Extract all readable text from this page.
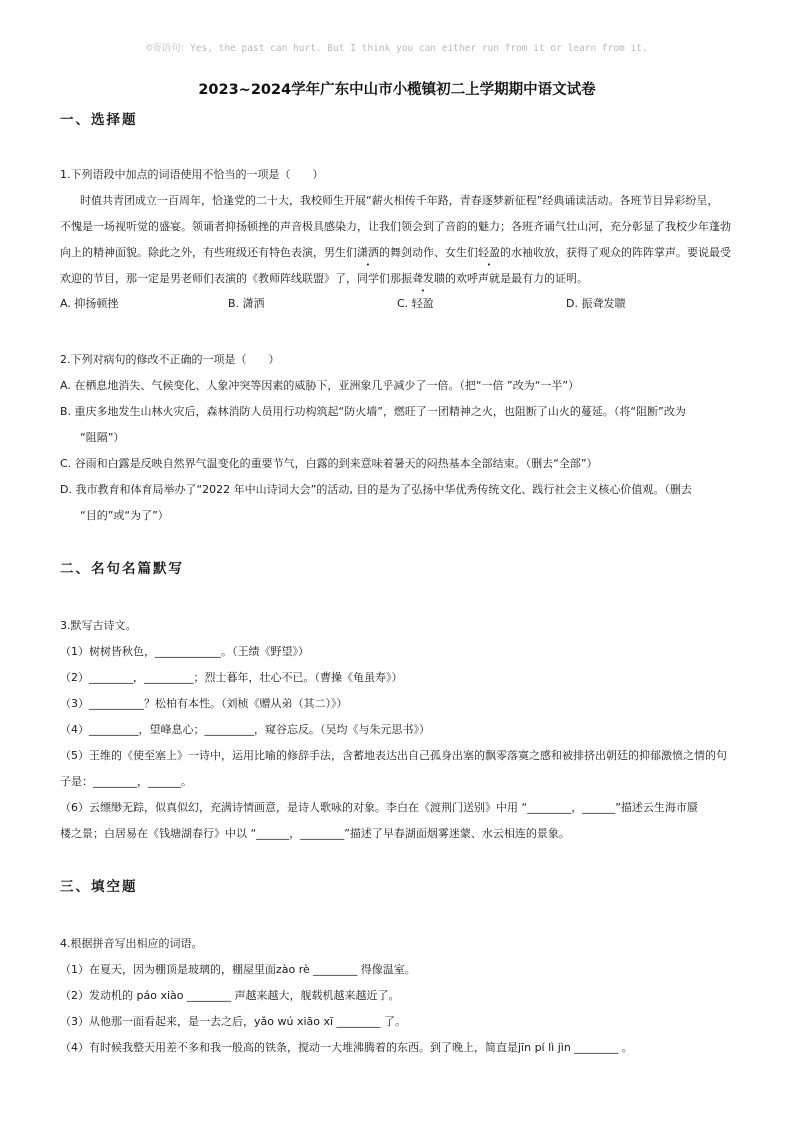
©寄语句：Yes, the past can hurt. But I think you can either run from it or learn from it.
2023~2024学年广东中山市小榄镇初二上学期期中语文试卷
一、选择题
1.下列语段中加点的词语使用不恰当的一项是（　　）
时值共青团成立一百周年，恰逢党的二十大，我校师生开展“薪火相传千年路，青春逐梦新征程”经典诵读活动。各班节目异彩纷呈，
不愧是一场视听觉的盛宴。领诵者抑扬顿挫的声音极具感染力，让我们领会到了音韵的魅力；各班齐诵气壮山河，充分彰显了我校少年蓬勃
向上的精神面貌。除此之外，有些班级还有特色表演，男生们潇洒的舞剑动作、女生们轻盈的水袖收放，获得了观众的阵阵掌声。要说最受
欢迎的节目，那一定是男老师们表演的《教师阵线联盟》了，同学们那振聋发聩的欢呼声就是最有力的证明。
A. 抑扬顿挫	B. 潇洒	C. 轻盈	D. 振聋发聩
2.下列对病句的修改不正确的一项是（　　）
A. 在栖息地消失、气候变化、人象冲突等因素的威胁下，亚洲象几乎减少了一倍。（把“一倍 ”改为“一半”）
B. 重庆多地发生山林火灾后，森林消防人员用行功构筑起“防火墙”，燃旺了一团精神之火，也阻断了山火的蔓延。（将“阻断”改为
“阻隔”）
C. 谷雨和白露是反映自然界气温变化的重要节气，白露的到来意味着暑天的闷热基本全部结束。（删去“全部”）
D. 我市教育和体育局举办了“2022 年中山诗词大会”的活动, 目的是为了弘扬中华优秀传统文化、践行社会主义核心价值观。（删去
“目的”或“为了”）
二、名句名篇默写
3.默写古诗文。
（1）树树皆秋色，____________。（王绩《野望》）
（2）________，_________；烈士暮年，壮心不已。（曹操《龟虽寿》）
（3）__________？松柏有本性。（刘桢《赠从弟（其二）》）
（4）_________，望峰息心；_________，窥谷忘反。（吴均《与朱元思书》）
（5）王维的《使至塞上》一诗中，运用比喻的修辞手法，含蓄地表达出自己孤身出塞的飘零落寞之感和被排挤出朝廷的抑郁激愤之情的句
子是：________，______。
（6）云缥缈无踪，似真似幻，充满诗情画意，是诗人歌咏的对象。李白在《渡荆门送别》中用 “________，______”描述云生海市蜃
楼之景；白居易在《钱塘湖春行》中以 “______，________”描述了早春湖面烟雾迷蒙、水云相连的景象。
三、填空题
4.根据拼音写出相应的词语。
（1）在夏天，因为棚顶是玻璃的，棚屋里面zào rè ________ 得像温室。
（2）发动机的 páo xiào ________ 声越来越大，舰载机越来越近了。
（3）从他那一面看起来，是一去之后，yǎo wú xiāo xī ________ 了。
（4）有时候我整天用差不多和我一般高的铁条，搅动一大堆沸腾着的东西。到了晚上，简直是jīn pí lì jìn ________ 。
